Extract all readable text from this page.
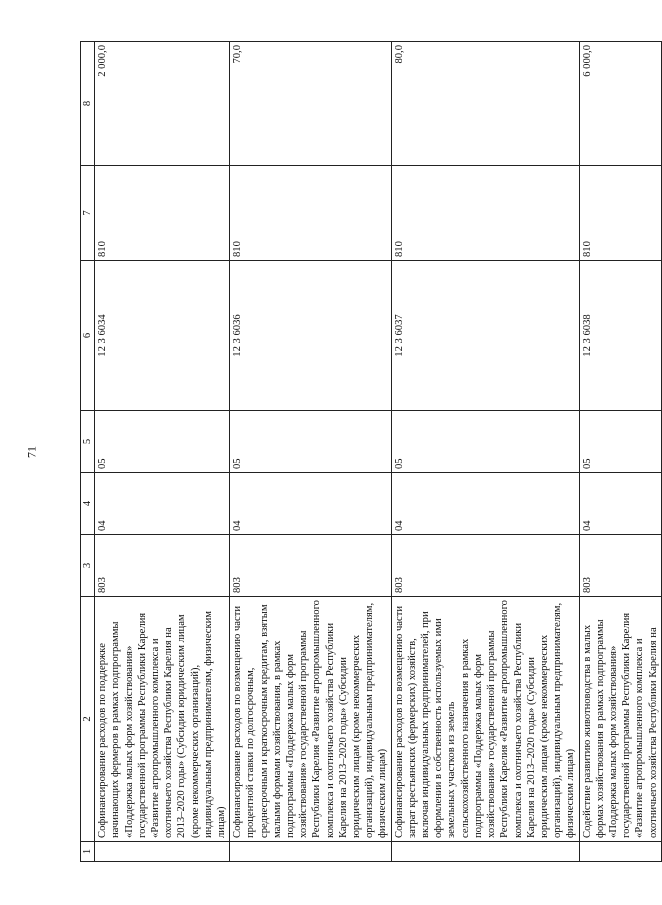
71
1	2	3	4	5	6	7	8
	Софинансирование расходов по поддержке начинающих фермеров в рамках подпрограммы «Поддержка малых форм хозяйствования» государственной программы Республики Карелия «Развитие агропромышленного комплекса и охотничьего хозяйства Республики Карелия на 2013–2020 годы» (Субсидии юридическим лицам (кроме некоммерческих организаций), индивидуальным предпринимателям, физическим лицам)	803	04	05	12 3 6034	810	2 000,0
	Софинансирование расходов по возмещению части процентной ставки по долгосрочным, среднесрочным и краткосрочным кредитам, взятым малыми формами хозяйствования, в рамках подпрограммы «Поддержка малых форм хозяйствования» государственной программы Республики Карелия «Развитие агропромышленного комплекса и охотничьего хозяйства Республики Карелия на 2013–2020 годы» (Субсидии юридическим лицам (кроме некоммерческих организаций), индивидуальным предпринимателям, физическим лицам)	803	04	05	12 3 6036	810	70,0
	Софинансирование расходов по возмещению части затрат крестьянских (фермерских) хозяйств, включая индивидуальных предпринимателей, при оформлении в собственность используемых ими земельных участков из земель сельскохозяйственного назначения в рамках подпрограммы «Поддержка малых форм хозяйствования» государственной программы Республики Карелия «Развитие агропромышленного комплекса и охотничьего хозяйства Республики Карелия на 2013–2020 годы» (Субсидии юридическим лицам (кроме некоммерческих организаций), индивидуальным предпринимателям, физическим лицам)	803	04	05	12 3 6037	810	80,0
	Содействие развитию животноводства в малых формах хозяйствования в рамках подпрограммы «Поддержка малых форм хозяйствования» государственной программы Республики Карелия «Развитие агропромышленного комплекса и охотничьего хозяйства Республики Карелия на	803	04	05	12 3 6038	810	6 000,0
